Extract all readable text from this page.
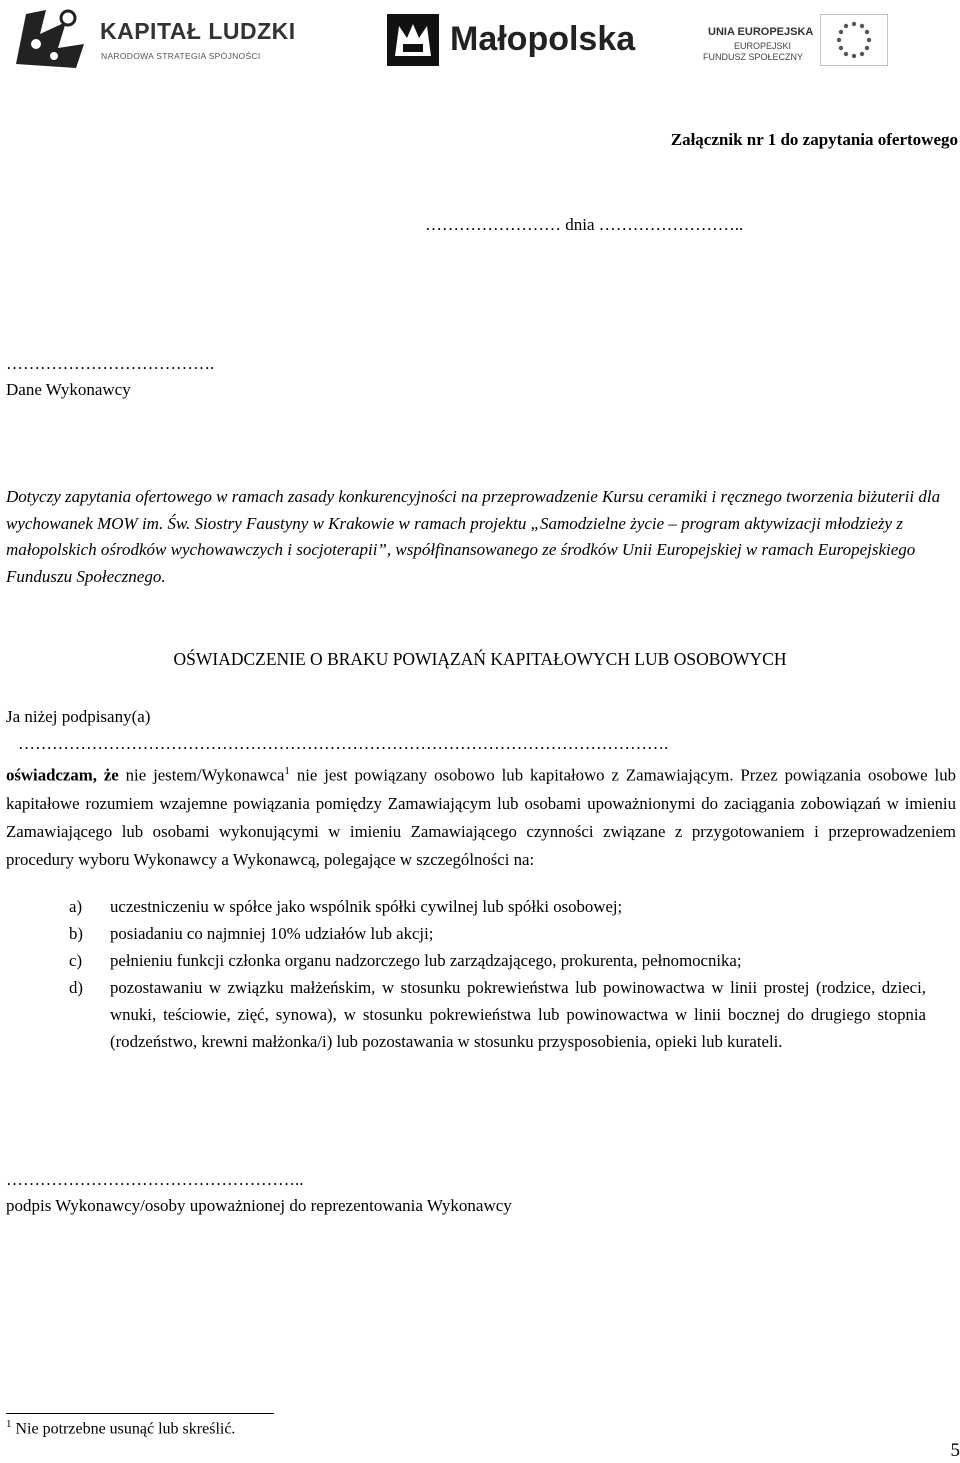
KAPITAŁ LUDZKI
NARODOWA STRATEGIA SPÓJNOŚCI	Małopolska	UNIA EUROPEJSKA
EUROPEJSKI
FUNDUSZ SPOŁECZNY
Załącznik nr 1 do zapytania ofertowego
…………………… dnia ……………………..
……………………………….
Dane Wykonawcy
Dotyczy zapytania ofertowego w ramach zasady konkurencyjności na przeprowadzenie Kursu ceramiki i ręcznego tworzenia biżuterii dla wychowanek MOW im. Św. Siostry Faustyny w Krakowie w ramach projektu „Samodzielne życie – program aktywizacji młodzieży z małopolskich ośrodków wychowawczych i socjoterapii”, współfinansowanego ze środków Unii Europejskiej w ramach Europejskiego Funduszu Społecznego.
OŚWIADCZENIE O BRAKU POWIĄZAŃ KAPITAŁOWYCH LUB OSOBOWYCH
Ja niżej podpisany(a)
…………………………………………………………………………………………………….
oświadczam, że nie jestem/Wykonawca$^1$ nie jest powiązany osobowo lub kapitałowo z Zamawiającym. Przez powiązania osobowe lub kapitałowe rozumiem wzajemne powiązania pomiędzy Zamawiającym lub osobami upoważnionymi do zaciągania zobowiązań w imieniu Zamawiającego lub osobami wykonującymi w imieniu Zamawiającego czynności związane z przygotowaniem i przeprowadzeniem procedury wyboru Wykonawcy a Wykonawcą, polegające w szczególności na:
a)	uczestniczeniu w spółce jako wspólnik spółki cywilnej lub spółki osobowej;
b)	posiadaniu co najmniej 10% udziałów lub akcji;
c)	pełnieniu funkcji członka organu nadzorczego lub zarządzającego, prokurenta, pełnomocnika;
d)	pozostawaniu w związku małżeńskim, w stosunku pokrewieństwa lub powinowactwa w linii prostej (rodzice, dzieci, wnuki, teściowie, zięć, synowa), w stosunku pokrewieństwa lub powinowactwa w linii bocznej do drugiego stopnia (rodzeństwo, krewni małżonka/i) lub pozostawania w stosunku przysposobienia, opieki lub kurateli.
……………………………………………..
podpis Wykonawcy/osoby upoważnionej do reprezentowania Wykonawcy
$^1$ Nie potrzebne usunąć lub skreślić.
5
